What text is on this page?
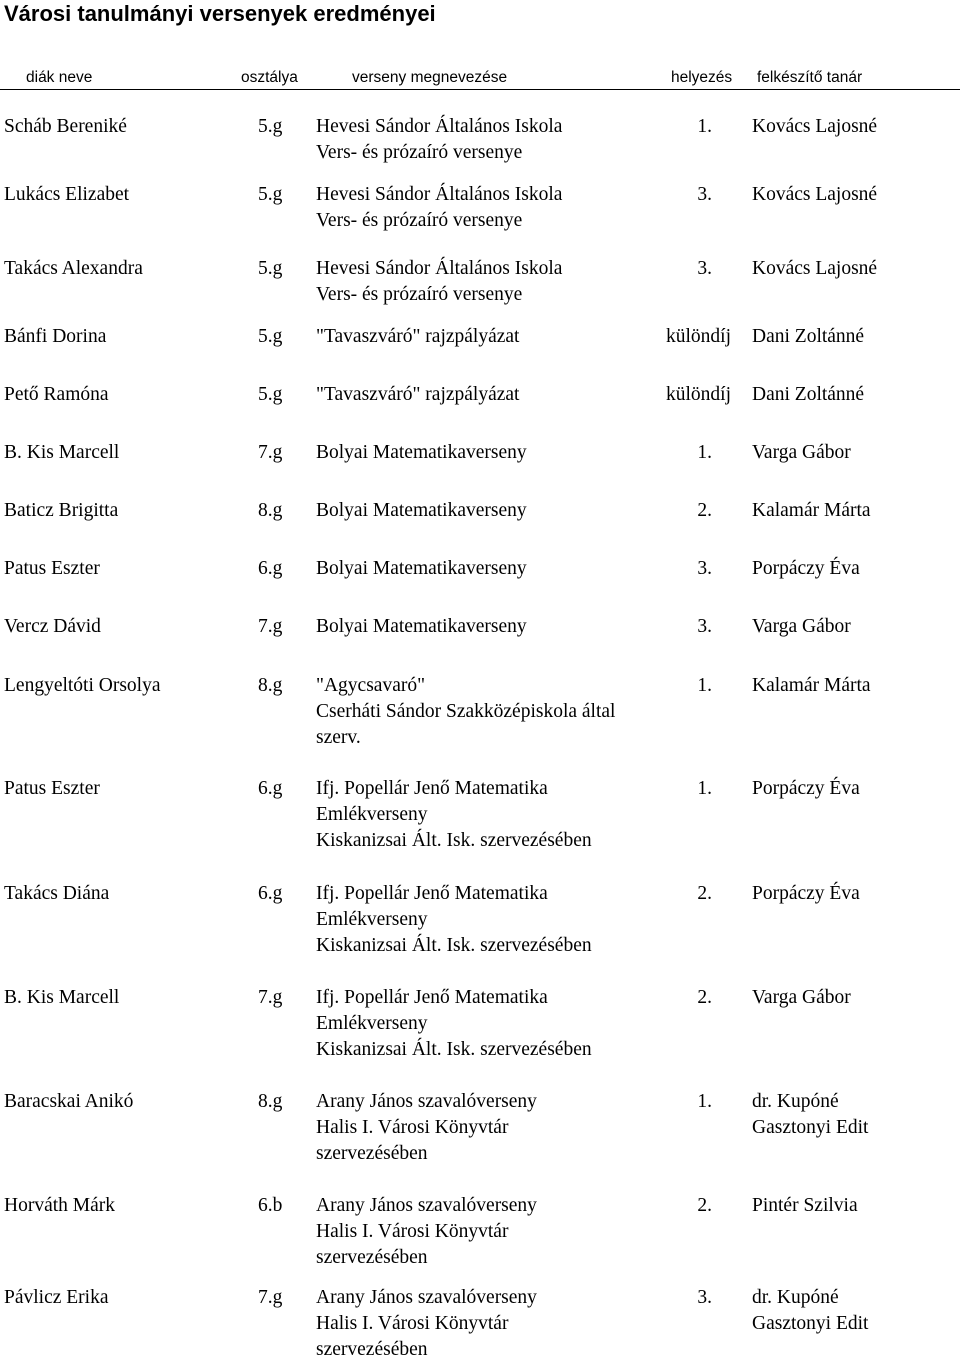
Városi tanulmányi versenyek eredményei
diák neve	osztálya	verseny megnevezése	helyezés felkészítő tanár
Scháb Bereniké	5.g Hevesi Sándor Általános Iskola
Vers- és prózaíró versenye
1. Kovács Lajosné
Lukács Elizabet	5.g Hevesi Sándor Általános Iskola
Vers- és prózaíró versenye
3. Kovács Lajosné
Takács Alexandra	5.g Hevesi Sándor Általános Iskola
Vers- és prózaíró versenye
3. Kovács Lajosné
Bánfi Dorina	5.g "Tavaszváró" rajzpályázat	különdíj Dani Zoltánné
Pető Ramóna	5.g "Tavaszváró" rajzpályázat	különdíj Dani Zoltánné
B. Kis Marcell	7.g Bolyai Matematikaverseny	1. Varga Gábor
Baticz Brigitta	8.g Bolyai Matematikaverseny	2. Kalamár Márta
Patus Eszter	6.g Bolyai Matematikaverseny	3. Porpáczy Éva
Vercz Dávid	7.g Bolyai Matematikaverseny	3. Varga Gábor
Lengyeltóti Orsolya	8.g "Agycsavaró"
Cserháti Sándor Szakközépiskola által
szerv.
1. Kalamár Márta
Patus Eszter	6.g Ifj. Popellár Jenő Matematika
Emlékverseny
Kiskanizsai Ált. Isk. szervezésében
1. Porpáczy Éva
Takács Diána	6.g Ifj. Popellár Jenő Matematika
Emlékverseny
Kiskanizsai Ált. Isk. szervezésében
2. Porpáczy Éva
B. Kis Marcell	7.g Ifj. Popellár Jenő Matematika
Emlékverseny
Kiskanizsai Ált. Isk. szervezésében
2. Varga Gábor
Baracskai Anikó	8.g Arany János szavalóverseny
Halis I. Városi Könyvtár
szervezésében
1. dr. Kupóné
Gasztonyi Edit
Horváth Márk	6.b Arany János szavalóverseny
Halis I. Városi Könyvtár
szervezésében
2. Pintér Szilvia
Pávlicz Erika	7.g Arany János szavalóverseny
Halis I. Városi Könyvtár
szervezésében
3. dr. Kupóné
Gasztonyi Edit
